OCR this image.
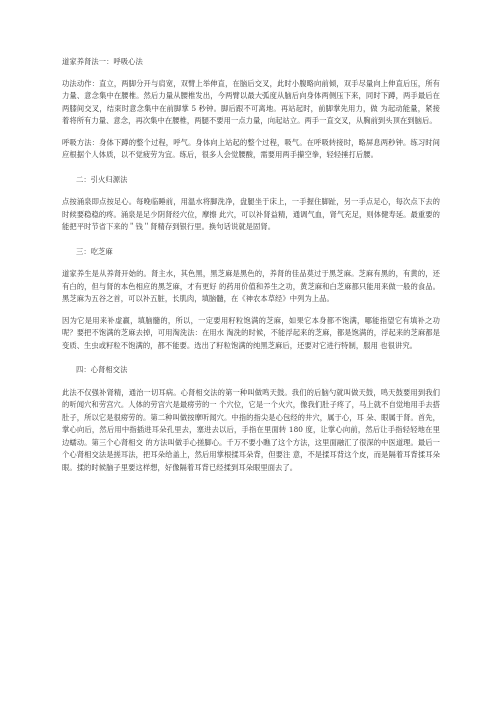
道家养肾法一：呼吸心法

功法动作：直立，两脚分开与肩宽，双臂上举伸直，在脑后交叉，此时小腹略向前倾，双手尽量向上伸直后压，所有力量、意念集中在腰椎。然后力量从腰椎发出，今两臂以最大弧度从脑后向身体两侧压下来，同时下蹲，两手最后在两膝间交叉，结束时意念集中在前脚掌 5 秒钟。脚后跟不可离地。再站起时，前脚掌先用力，做 为起动能量，紧接着将所有力量、意念，再次集中在腰椎，两腿不要用一点力量，向起站立。两手一直交叉，从胸前到头顶在到脑后。

呼吸方法：身体下蹲的整个过程，呼气。身体向上站起的整个过程，吸气。在呼吸转接时，略屏息两秒钟。练习时间应根据个人体质，以不觉疲劳为宜。练后，很多人会觉腰酸，需要用两手攥空拳，轻轻捶打后腰。

二：引火归源法

点按涌泉即点按足心。每晚临睡前，用温水将脚洗净，盘腿坐于床上，一手握住脚趾，另一手点足心，每次点下去的时候要稳稳的疼。涌泉是足少阴肾经穴位，摩擦 此穴，可以补肾益精，通调气血，肾气充足，则体健寿延。最重要的能把平时节省下来的＂钱＂肾精存到银行里。换句话说就是固肾。

三：吃芝麻

道家养生是从养肾开始的。肾主水，其色黑，黑芝麻是黑色的，养肾的佳品莫过于黑芝麻。芝麻有黑的，有黄的，还有白的，但与肾的本色相应的黑芝麻，才有更好 的药用价值和养生之功，黄芝麻和白芝麻都只能用来做一般的食品。黑芝麻为五谷之首，可以补五脏，长肌肉，填脑髓，在《神农本草经》中列为上品。

因为它是用来补虚羸，填脑髓的，所以，一定要用籽粒饱满的芝麻，如果它本身都不饱满，哪能指望它有填补之功呢？要把不饱满的芝麻去掉，可用淘洗法：在用水 淘洗的时候，不能浮起来的芝麻，都是饱满的，浮起来的芝麻都是变质、生虫或籽粒不饱满的，都不能要。选出了籽粒饱满的纯黑芝麻后，还要对它进行特制，服用 也很讲究。

四：心肾相交法

此法不仅强补肾精，通治一切耳病。心肾相交法的第一种叫做鸣天鼓。我们的后脑勺就叫做天鼓，鸣天鼓要用到我们的听闻穴和劳宫穴。人体的劳宫穴是最痨劳的一 个穴位，它是一个火穴，像我们肚子疼了，马上就不自觉地用手去搭肚子，所以它是很痨劳的。第二种叫做按摩听闻穴。中指的指尖是心包经的井穴，属于心，耳 朵、眼属于肾。首先，掌心向后，然后用中指插进耳朵孔里去，塞进去以后，手指在里面转 180 度，让掌心向前，然后让手指轻轻地在里边蠕动。第三个心肾相交 的方法叫做手心搓脚心。千万不要小瞧了这个方法，这里面融汇了很深的中医道理。最后一个心肾相交法是搓耳法，把耳朵给盖上，然后用掌根揉耳朵背，但要注 意，不是揉耳背这个皮，而是隔着耳背揉耳朵眼。揉的时候脑子里要这样想，好像隔着耳背已经揉到耳朵眼里面去了。
